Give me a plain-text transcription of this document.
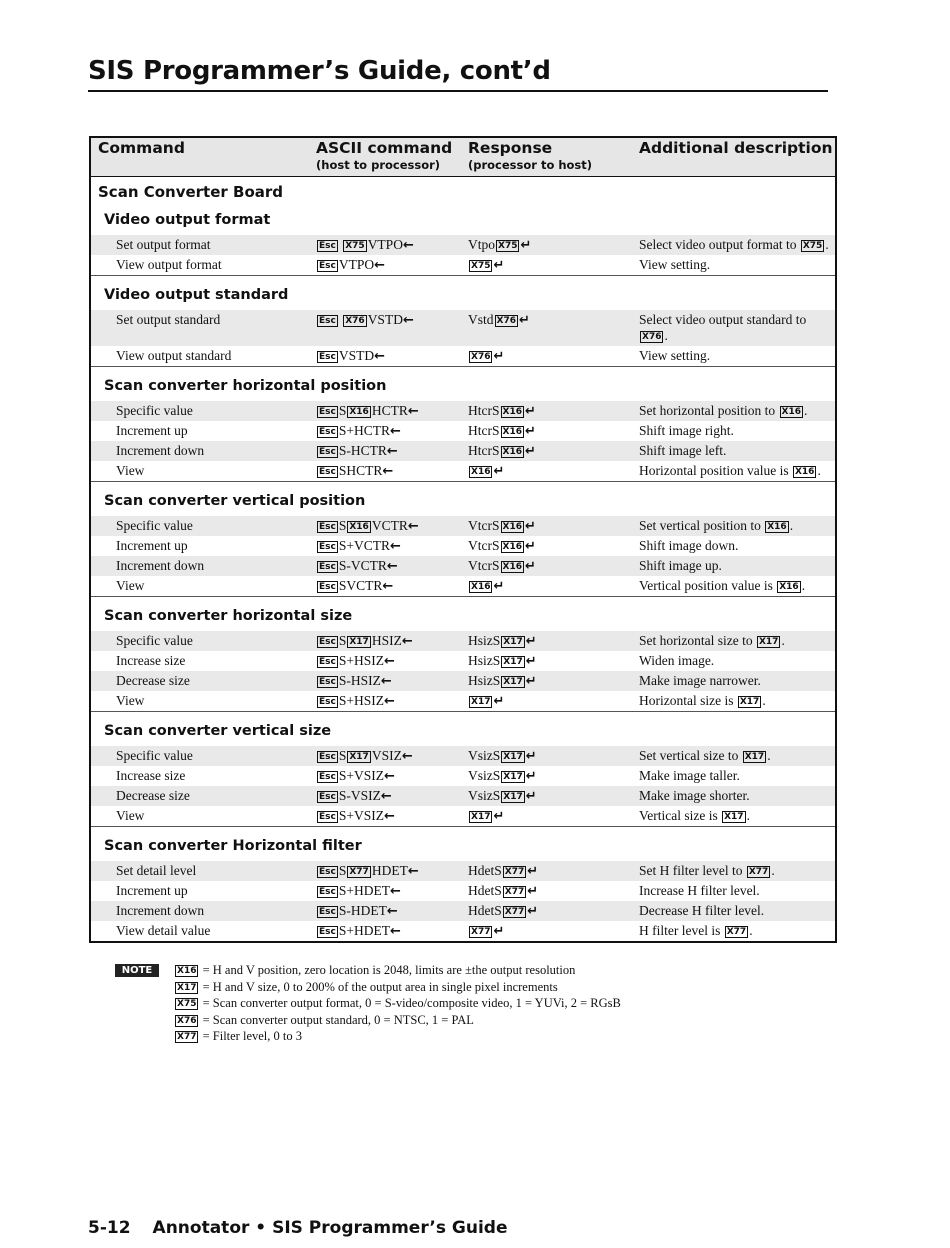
SIS Programmer’s Guide, cont’d
Command	ASCII command
(host to processor)
Response
(processor to host)
Additional description
Scan Converter Board
Video output format
Set output format	Esc X75 VTPO←	Vtpo X75 ↵	Select video output format to X75 .
View output format	Esc VTPO←	X75 ↵	View setting.
Video output standard
Set output standard	Esc X76 VSTD←	Vstd X76 ↵	Select video output standard to X76 .
View output standard	Esc VSTD←	X76 ↵	View setting.
Scan converter horizontal position
Specific value	Esc S X16 HCTR←	HtcrS X16 ↵	Set horizontal position to X16 .
Increment up	Esc S+HCTR←	HtcrS X16 ↵	Shift image right.
Increment down	Esc S-HCTR←	HtcrS X16 ↵	Shift image left.
View	Esc SHCTR←	X16 ↵	Horizontal position value is X16 .
Scan converter vertical position
Specific value	Esc S X16 VCTR←	VtcrS X16 ↵	Set vertical position to X16 .
Increment up	Esc S+VCTR←	VtcrS X16 ↵	Shift image down.
Increment down	Esc S-VCTR←	VtcrS X16 ↵	Shift image up.
View	Esc SVCTR←	X16 ↵	Vertical position value is X16 .
Scan converter horizontal size
Specific value	Esc S X17 HSIZ←	HsizS X17 ↵	Set horizontal size to X17 .
Increase size	Esc S+HSIZ←	HsizS X17 ↵	Widen image.
Decrease size	Esc S-HSIZ←	HsizS X17 ↵	Make image narrower.
View	Esc S+HSIZ←	X17 ↵	Horizontal size is X17 .
Scan converter vertical size
Specific value	Esc S X17 VSIZ←	VsizS X17 ↵	Set vertical size to X17 .
Increase size	Esc S+VSIZ←	VsizS X17 ↵	Make image taller.
Decrease size	Esc S-VSIZ←	VsizS X17 ↵	Make image shorter.
View	Esc S+VSIZ←	X17 ↵	Vertical size is X17 .
Scan converter Horizontal filter
Set detail level	Esc S X77 HDET←	HdetS X77 ↵	Set H filter level to X77 .
Increment up	Esc S+HDET←	HdetS X77 ↵	Increase H filter level.
Increment down	Esc S-HDET←	HdetS X77 ↵	Decrease H filter level.
View detail value	Esc S+HDET←	X77 ↵	H filter level is X77 .
NOTE	X16 = H and V position, zero location is 2048, limits are ±the output resolution
X17 = H and V size, 0 to 200% of the output area in single pixel increments
X75 = Scan converter output format, 0 = S-video/composite video, 1 = YUVi, 2 = RGsB
X76 = Scan converter output standard, 0 = NTSC, 1 = PAL
X77 = Filter level, 0 to 3
5-12 Annotator • SIS Programmer’s Guide
